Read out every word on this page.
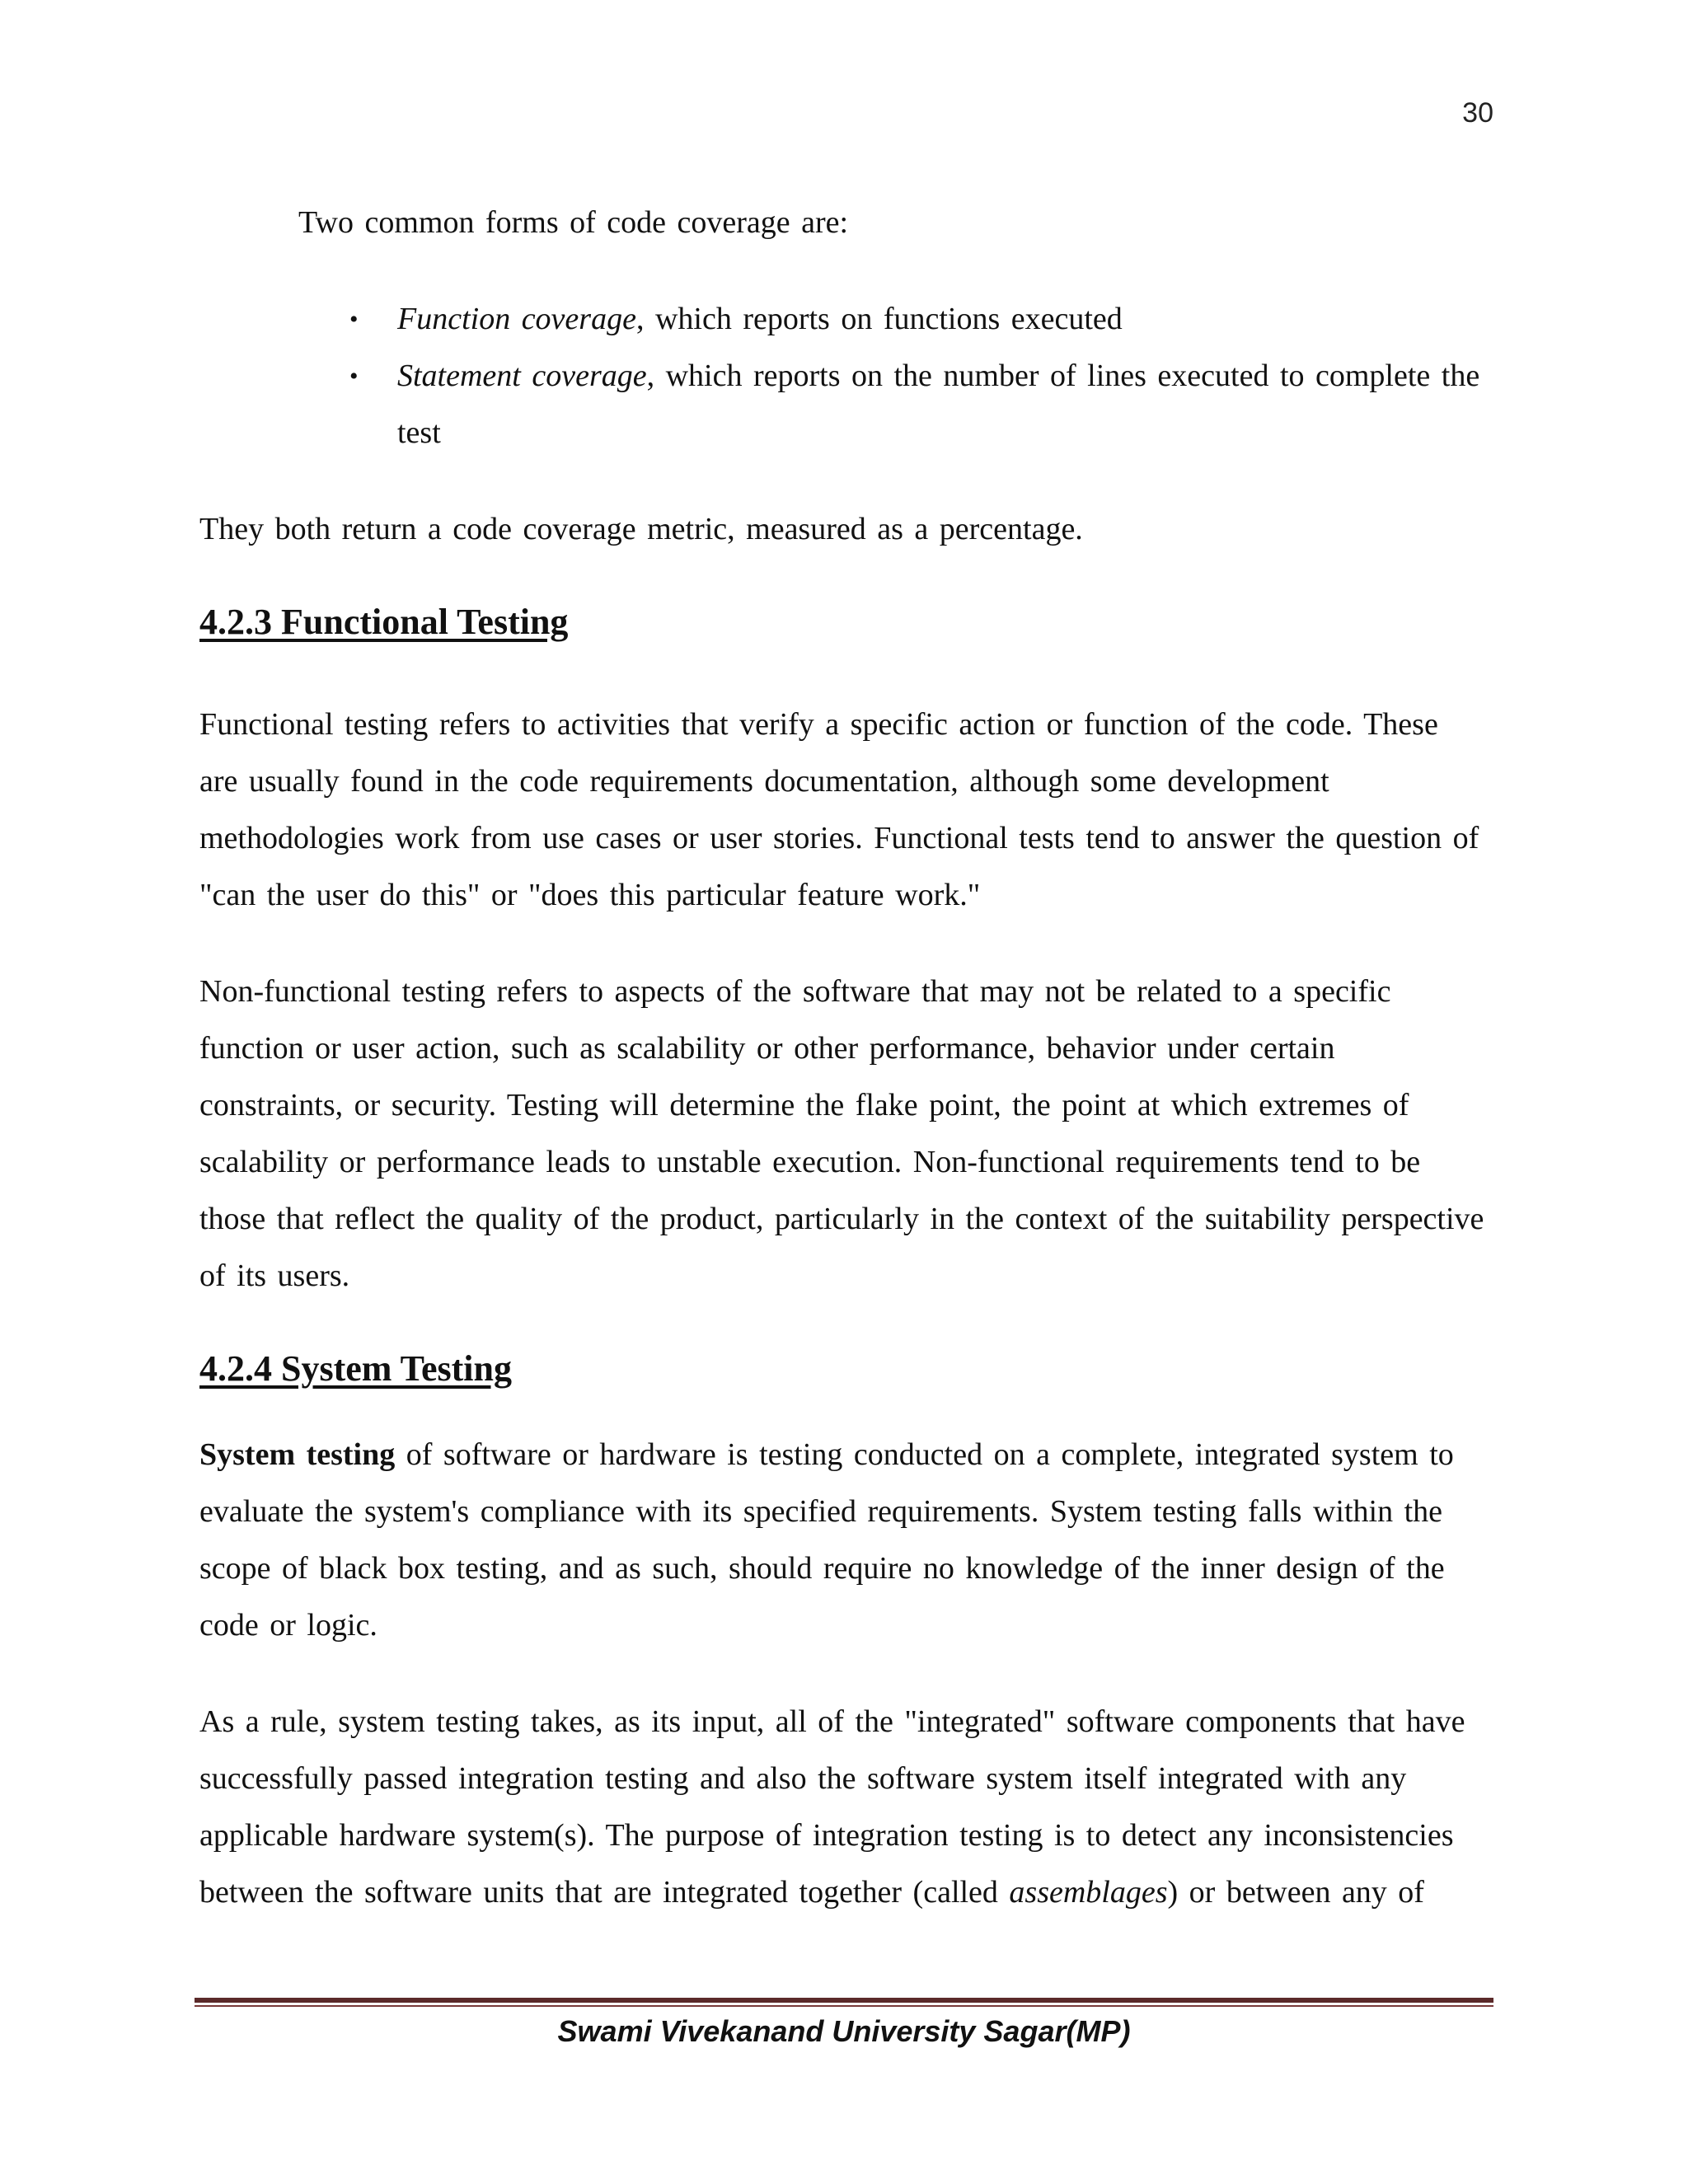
30

Two common forms of code coverage are:

• Function coverage, which reports on functions executed
• Statement coverage, which reports on the number of lines executed to complete the test

They both return a code coverage metric, measured as a percentage.

4.2.3 Functional Testing

Functional testing refers to activities that verify a specific action or function of the code. These are usually found in the code requirements documentation, although some development methodologies work from use cases or user stories. Functional tests tend to answer the question of "can the user do this" or "does this particular feature work."

Non-functional testing refers to aspects of the software that may not be related to a specific function or user action, such as scalability or other performance, behavior under certain constraints, or security. Testing will determine the flake point, the point at which extremes of scalability or performance leads to unstable execution. Non-functional requirements tend to be those that reflect the quality of the product, particularly in the context of the suitability perspective of its users.

4.2.4 System Testing

System testing of software or hardware is testing conducted on a complete, integrated system to evaluate the system's compliance with its specified requirements. System testing falls within the scope of black box testing, and as such, should require no knowledge of the inner design of the code or logic.

As a rule, system testing takes, as its input, all of the "integrated" software components that have successfully passed integration testing and also the software system itself integrated with any applicable hardware system(s). The purpose of integration testing is to detect any inconsistencies between the software units that are integrated together (called assemblages) or between any of

Swami Vivekanand University Sagar(MP)
